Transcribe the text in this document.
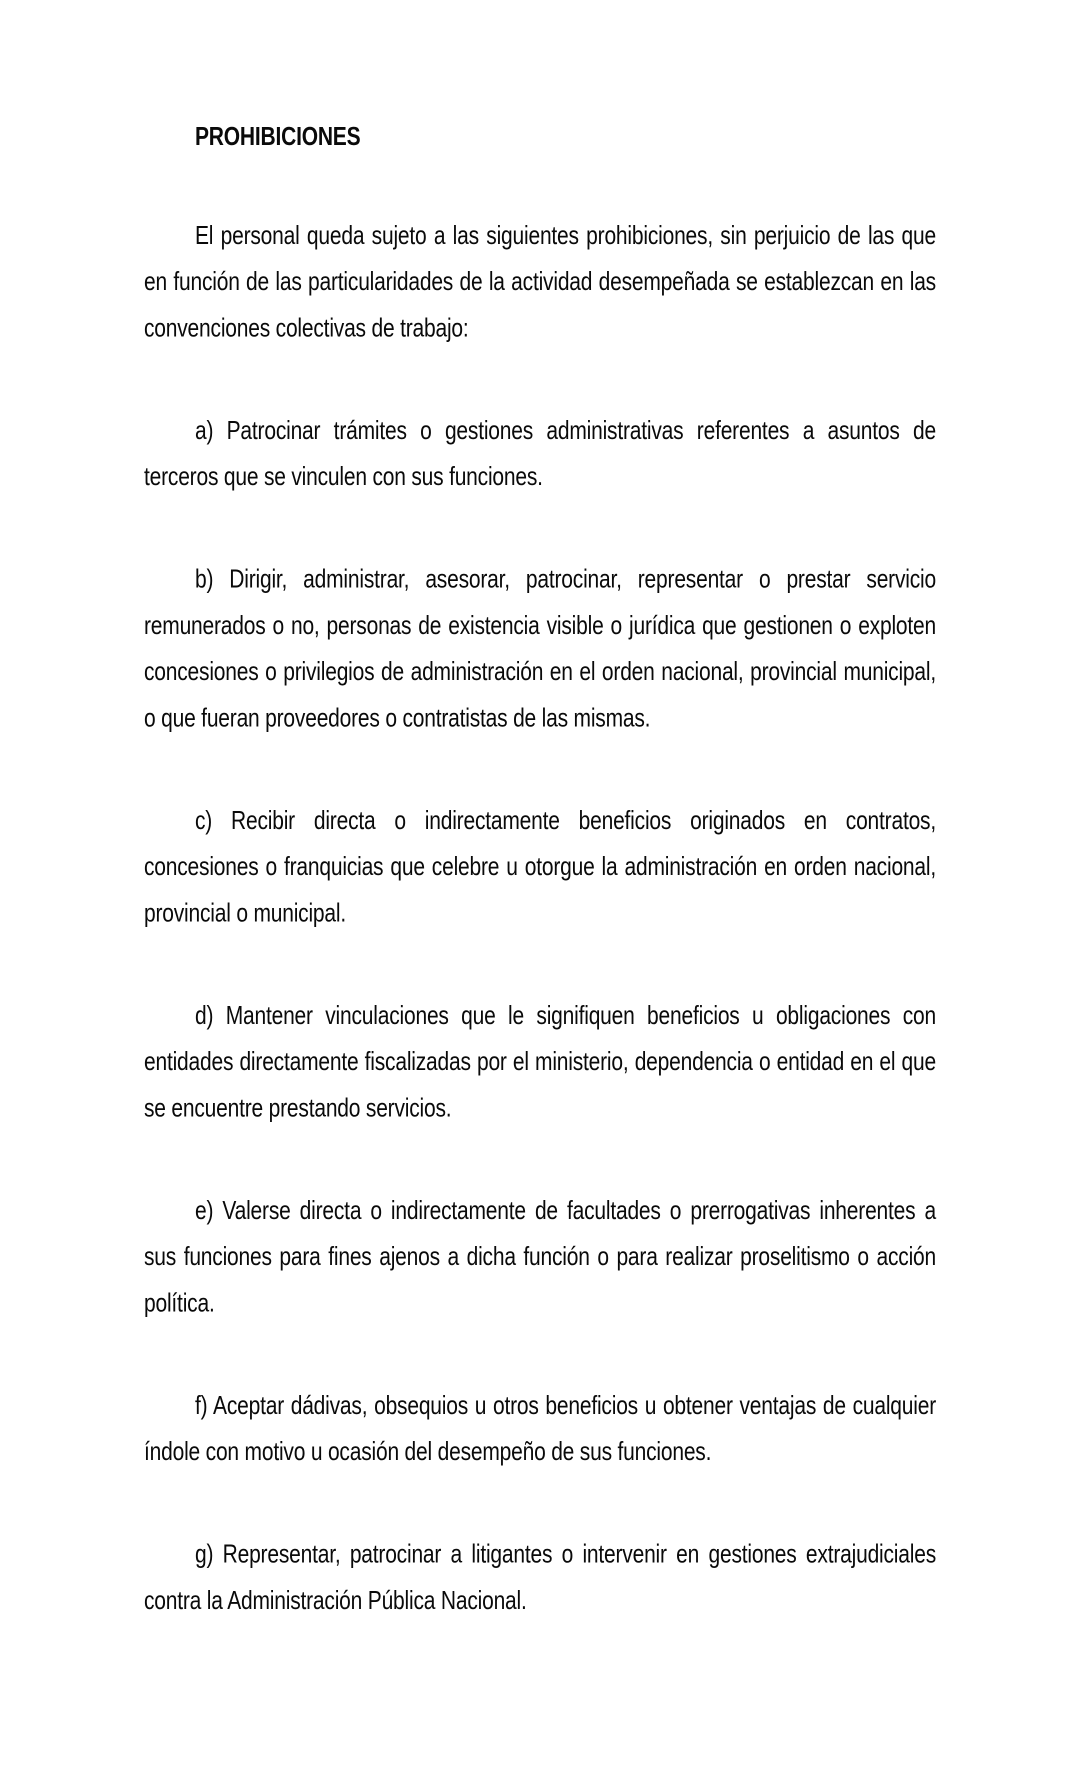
PROHIBICIONES

El personal queda sujeto a las siguientes prohibiciones, sin perjuicio de las que en función de las particularidades de la actividad desempeñada se establezcan en las convenciones colectivas de trabajo:

a) Patrocinar trámites o gestiones administrativas referentes a asuntos de terceros que se vinculen con sus funciones.

b) Dirigir, administrar, asesorar, patrocinar, representar o prestar servicio remunerados o no, personas de existencia visible o jurídica que gestionen o exploten concesiones o privilegios de administración en el orden nacional, provincial municipal, o que fueran proveedores o contratistas de las mismas.

c) Recibir directa o indirectamente beneficios originados en contratos, concesiones o franquicias que celebre u otorgue la administración en orden nacional, provincial o municipal.

d) Mantener vinculaciones que le signifiquen beneficios u obligaciones con entidades directamente fiscalizadas por el ministerio, dependencia o entidad en el que se encuentre prestando servicios.

e) Valerse directa o indirectamente de facultades o prerrogativas inherentes a sus funciones para fines ajenos a dicha función o para realizar proselitismo o acción política.

f) Aceptar dádivas, obsequios u otros beneficios u obtener ventajas de cualquier índole con motivo u ocasión del desempeño de sus funciones.

g) Representar, patrocinar a litigantes o intervenir en gestiones extrajudiciales contra la Administración Pública Nacional.
